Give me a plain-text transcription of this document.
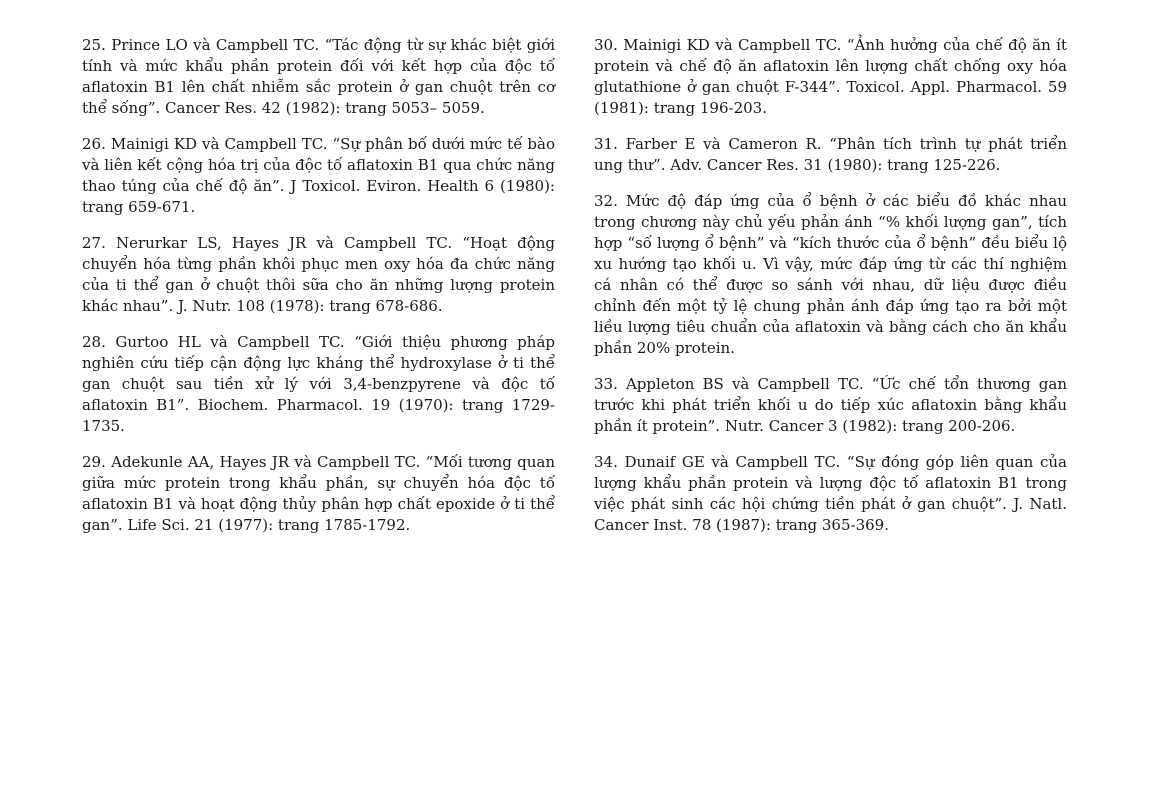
25. Prince LO và Campbell TC. “Tác động từ sự khác biệt giới tính và mức khẩu phần protein đối với kết hợp của độc tố aflatoxin B1 lên chất nhiễm sắc protein ở gan chuột trên cơ thể sống”. Cancer Res. 42 (1982): trang 5053– 5059.

26. Mainigi KD và Campbell TC. “Sự phân bố dưới mức tế bào và liên kết cộng hóa trị của độc tố aflatoxin B1 qua chức năng thao túng của chế độ ăn”. J Toxicol. Eviron. Health 6 (1980): trang 659-671.

27. Nerurkar LS, Hayes JR và Campbell TC. “Hoạt động chuyển hóa từng phần khôi phục men oxy hóa đa chức năng của ti thể gan ở chuột thôi sữa cho ăn những lượng protein khác nhau”. J. Nutr. 108 (1978): trang 678-686.

28. Gurtoo HL và Campbell TC. “Giới thiệu phương pháp nghiên cứu tiếp cận động lực kháng thể hydroxylase ở ti thể gan chuột sau tiền xử lý với 3,4-benzpyrene và độc tố aflatoxin B1”. Biochem. Pharmacol. 19 (1970): trang 1729-1735.

29. Adekunle AA, Hayes JR và Campbell TC. “Mối tương quan giữa mức protein trong khẩu phần, sự chuyển hóa độc tố aflatoxin B1 và hoạt động thủy phân hợp chất epoxide ở ti thể gan”. Life Sci. 21 (1977): trang 1785-1792.

30. Mainigi KD và Campbell TC. “Ảnh hưởng của chế độ ăn ít protein và chế độ ăn aflatoxin lên lượng chất chống oxy hóa glutathione ở gan chuột F-344”. Toxicol. Appl. Pharmacol. 59 (1981): trang 196-203.

31. Farber E và Cameron R. “Phân tích trình tự phát triển ung thư”. Adv. Cancer Res. 31 (1980): trang 125-226.

32. Mức độ đáp ứng của ổ bệnh ở các biểu đồ khác nhau trong chương này chủ yếu phản ánh “% khối lượng gan”, tích hợp “số lượng ổ bệnh” và “kích thước của ổ bệnh” đều biểu lộ xu hướng tạo khối u. Vì vậy, mức đáp ứng từ các thí nghiệm cá nhân có thể được so sánh với nhau, dữ liệu được điều chỉnh đến một tỷ lệ chung phản ánh đáp ứng tạo ra bởi một liều lượng tiêu chuẩn của aflatoxin và bằng cách cho ăn khẩu phần 20% protein.

33. Appleton BS và Campbell TC. “Ức chế tổn thương gan trước khi phát triển khối u do tiếp xúc aflatoxin bằng khẩu phần ít protein”. Nutr. Cancer 3 (1982): trang 200-206.

34. Dunaif GE và Campbell TC. “Sự đóng góp liên quan của lượng khẩu phần protein và lượng độc tố aflatoxin B1 trong việc phát sinh các hội chứng tiền phát ở gan chuột”. J. Natl. Cancer Inst. 78 (1987): trang 365-369.
